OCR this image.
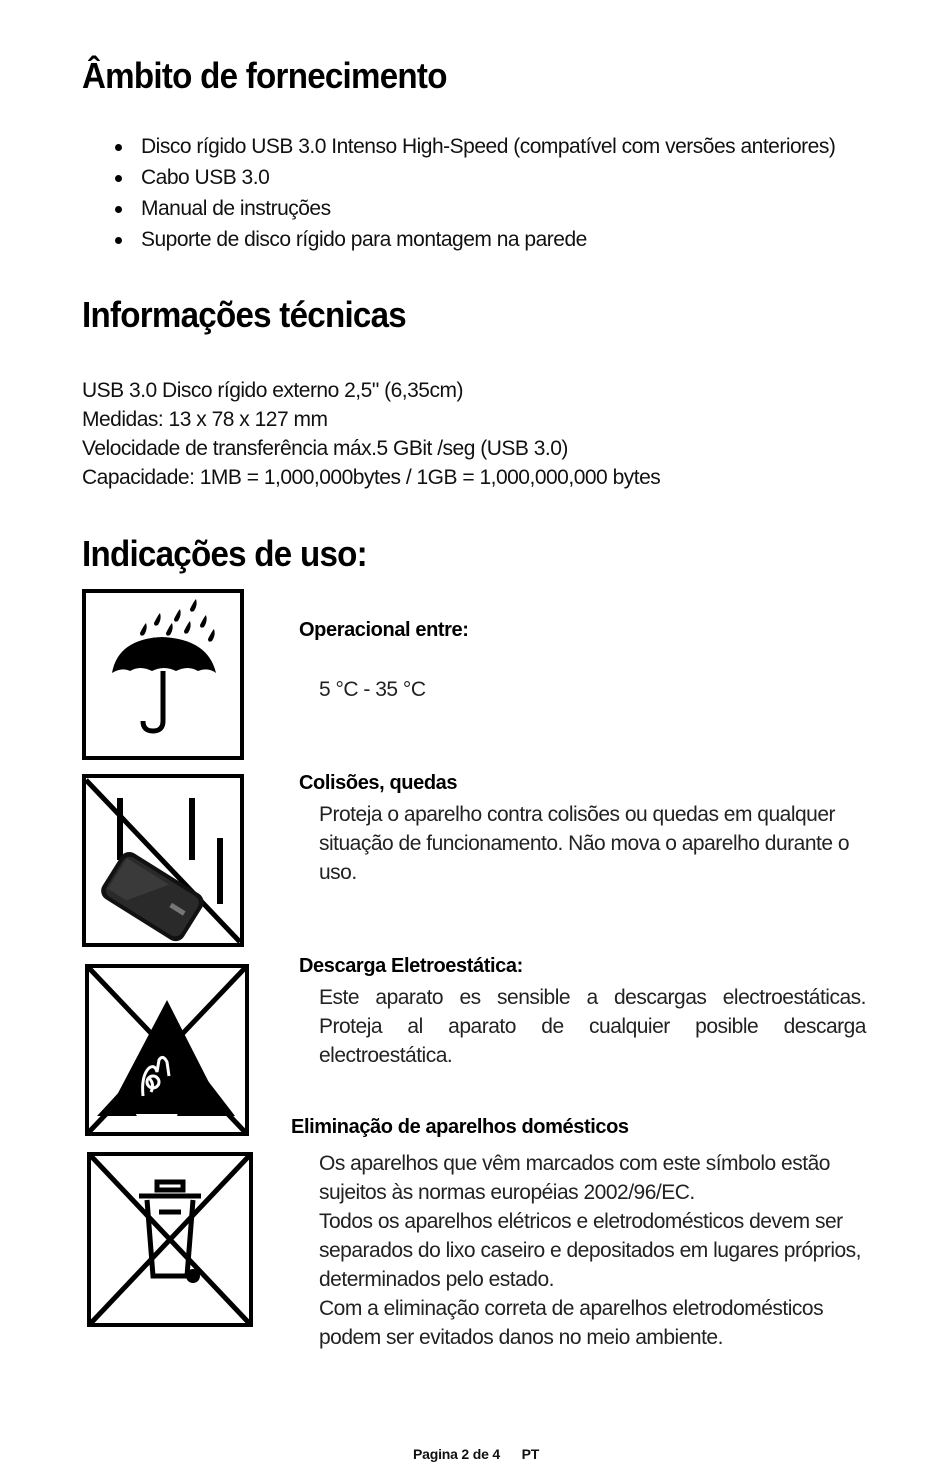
Âmbito de fornecimento
Disco rígido USB 3.0 Intenso High-Speed (compatível com versões anteriores)
Cabo USB 3.0
Manual de instruções
Suporte de disco rígido para montagem na parede
Informações técnicas
USB 3.0 Disco rígido externo 2,5" (6,35cm)
Medidas: 13 x 78 x 127 mm
Velocidade de transferência máx.5 GBit /seg (USB 3.0)
Capacidade: 1MB = 1,000,000bytes / 1GB = 1,000,000,000 bytes
Indicações de uso:
Operacional entre:
5 °C - 35 °C
Colisões, quedas
Proteja o aparelho contra colisões ou quedas em qualquer situação de funcionamento. Não mova o aparelho durante o uso.
Descarga Eletroestática:
Este aparato es sensible a descargas electroestáticas. Proteja al aparato de cualquier posible descarga electroestática.
Eliminação de aparelhos domésticos
Os aparelhos que vêm marcados com este símbolo estão sujeitos às normas européias 2002/96/EC.
Todos os aparelhos elétricos e eletrodomésticos devem ser separados do lixo caseiro e depositados em lugares próprios, determinados pelo estado.
Com a eliminação correta de aparelhos eletrodomésticos podem ser evitados danos no meio ambiente.
Pagina 2 de 4 PT
